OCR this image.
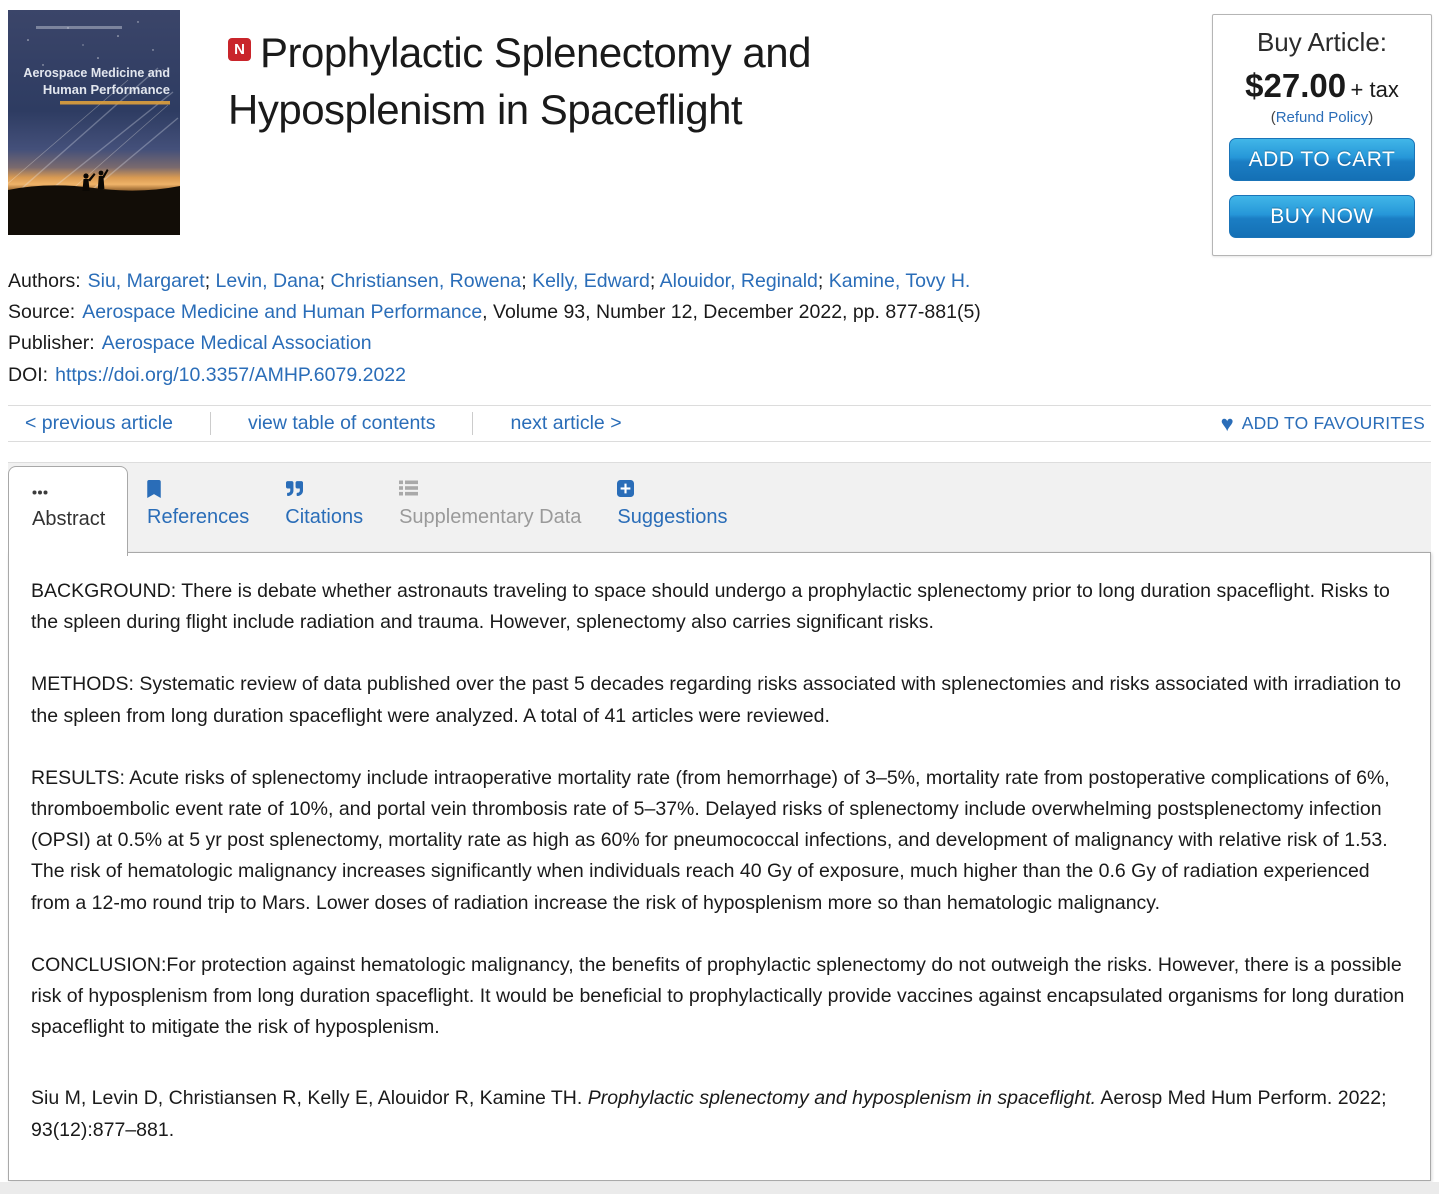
Aerospace Medicine and
Human Performance
N Prophylactic Splenectomy and Hyposplenism in Spaceflight
Buy Article:
$27.00 + tax
(Refund Policy)
ADD TO CART
BUY NOW
Authors: Siu, Margaret; Levin, Dana; Christiansen, Rowena; Kelly, Edward; Alouidor, Reginald; Kamine, Tovy H.
Source: Aerospace Medicine and Human Performance, Volume 93, Number 12, December 2022, pp. 877-881(5)
Publisher: Aerospace Medical Association
DOI: https://doi.org/10.3357/AMHP.6079.2022
< previous article	view table of contents	next article >	♥ ADD TO FAVOURITES
Abstract	References Citations Supplementary Data Suggestions

BACKGROUND: There is debate whether astronauts traveling to space should undergo a prophylactic splenectomy prior to long duration spaceflight. Risks to the spleen during flight include radiation and trauma. However, splenectomy also carries significant risks.

METHODS: Systematic review of data published over the past 5 decades regarding risks associated with splenectomies and risks associated with irradiation to the spleen from long duration spaceflight were analyzed. A total of 41 articles were reviewed.

RESULTS: Acute risks of splenectomy include intraoperative mortality rate (from hemorrhage) of 3–5%, mortality rate from postoperative complications of 6%, thromboembolic event rate of 10%, and portal vein thrombosis rate of 5–37%. Delayed risks of splenectomy include overwhelming postsplenectomy infection (OPSI) at 0.5% at 5 yr post splenectomy, mortality rate as high as 60% for pneumococcal infections, and development of malignancy with relative risk of 1.53. The risk of hematologic malignancy increases significantly when individuals reach 40 Gy of exposure, much higher than the 0.6 Gy of radiation experienced from a 12-mo round trip to Mars. Lower doses of radiation increase the risk of hyposplenism more so than hematologic malignancy.

CONCLUSION:For protection against hematologic malignancy, the benefits of prophylactic splenectomy do not outweigh the risks. However, there is a possible risk of hyposplenism from long duration spaceflight. It would be beneficial to prophylactically provide vaccines against encapsulated organisms for long duration spaceflight to mitigate the risk of hyposplenism.

Siu M, Levin D, Christiansen R, Kelly E, Alouidor R, Kamine TH. Prophylactic splenectomy and hyposplenism in spaceflight. Aerosp Med Hum Perform. 2022; 93(12):877–881.
